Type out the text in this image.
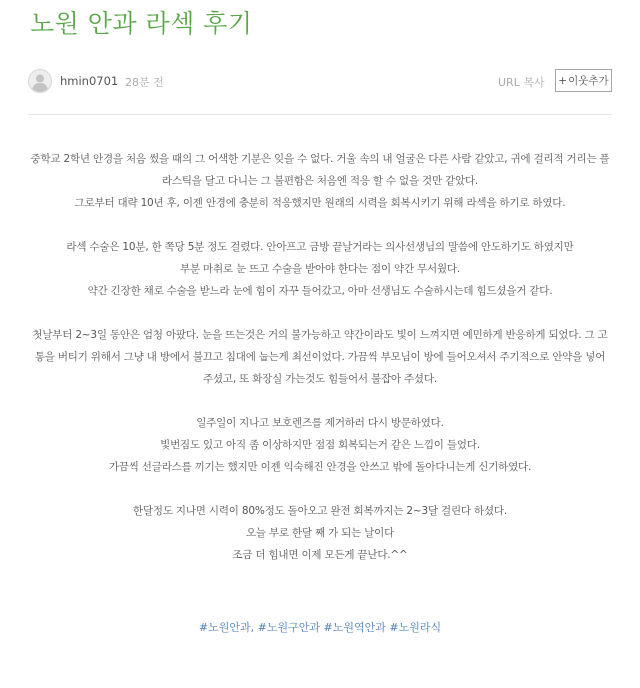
노원 안과 라섹 후기
hmin0701 28분 전	URL 복사 + 이웃추가

중학교 2학년 안경을 처음 썼을 때의 그 어색한 기분은 잊을 수 없다. 거울 속의 내 얼굴은 다른 사람 같았고, 귀에 걸리적 거리는 플라스틱을 달고 다니는 그 불편함은 처음엔 적응 할 수 없을 것만 같았다.

그로부터 대략 10년 후, 이젠 안경에 충분히 적응했지만 원래의 시력을 회복시키기 위해 라섹을 하기로 하였다.

라섹 수술은 10분, 한 쪽당 5분 정도 걸렸다. 안아프고 금방 끝날거라는 의사선생님의 말씀에 안도하기도 하였지만

부분 마취로 눈 뜨고 수술을 받아야 한다는 점이 약간 무서웠다.

약간 긴장한 채로 수술을 받느라 눈에 힘이 자꾸 들어갔고, 아마 선생님도 수술하시는데 힘드셨을거 같다.

첫날부터 2~3일 동안은 엄청 아팠다. 눈을 뜨는것은 거의 불가능하고 약간이라도 빛이 느껴지면 예민하게 반응하게 되었다. 그 고통을 버티기 위해서 그냥 내 방에서 불끄고 침대에 눕는게 최선이었다. 가끔씩 부모님이 방에 들어오셔서 주기적으로 안약을 넣어주셨고, 또 화장실 가는것도 힘들어서 불잡아 주셨다.

일주일이 지나고 보호렌즈를 제거하러 다시 방문하였다.

빛번짐도 있고 아직 좀 이상하지만 점점 회복되는거 같은 느낌이 들었다.

가끔씩 선글라스를 끼기는 했지만 이젠 익숙해진 안경을 안쓰고 밖에 돌아다니는게 신기하였다.

한달정도 지나면 시력이 80%정도 돌아오고 완전 회복까지는 2~3달 걸린다 하셨다.

오늘 부로 한달 째 가 되는 날이다

조금 더 힘내면 이제 모든게 끝난다.^^

#노원안과, #노원구안과 #노원역안과 #노원라식
